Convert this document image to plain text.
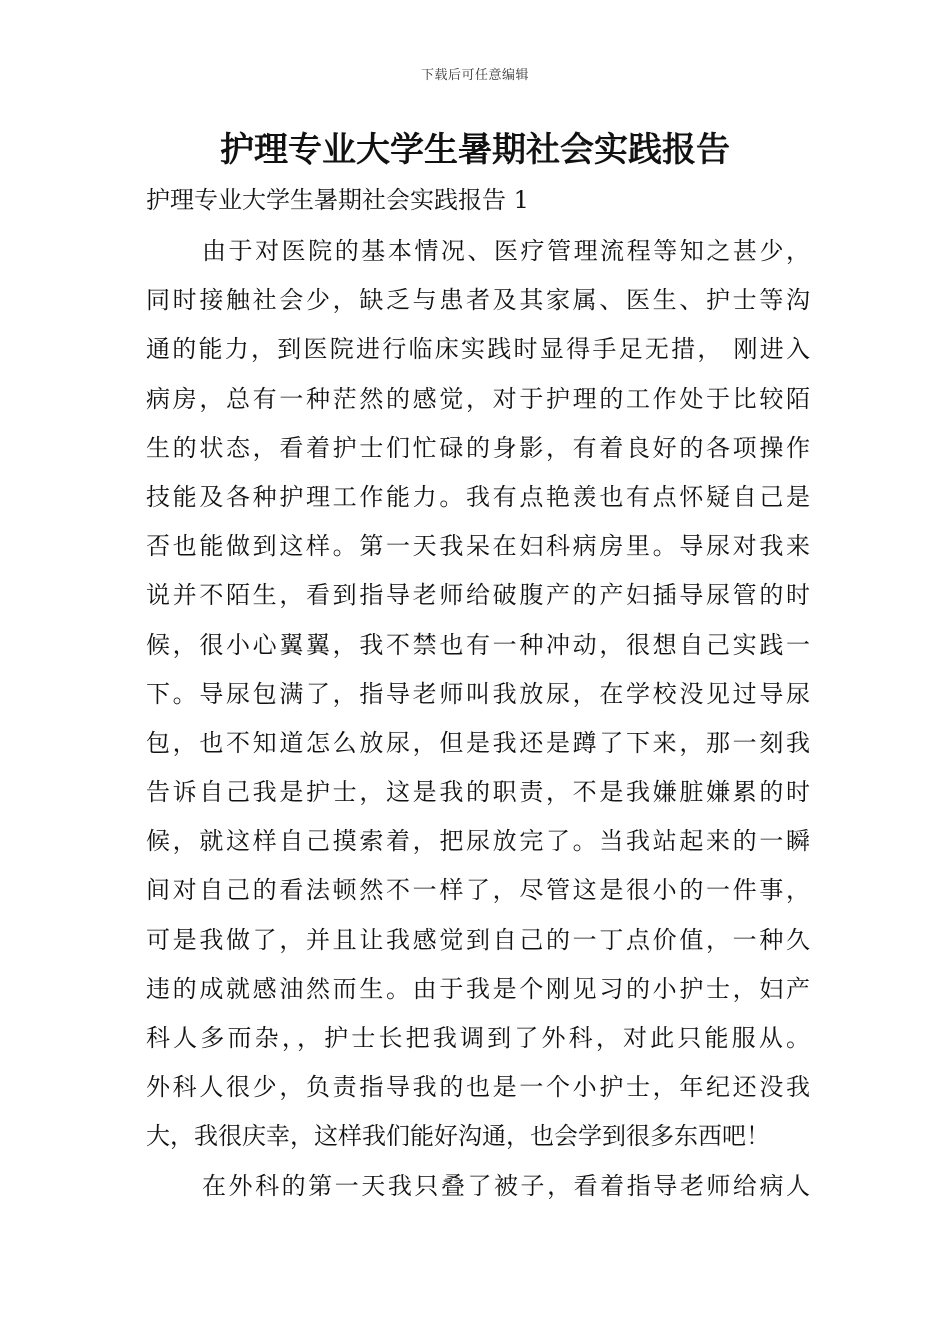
下载后可任意编辑
护理专业大学生暑期社会实践报告

护理专业大学生暑期社会实践报告 1

由于对医院的基本情况、医疗管理流程等知之甚少，
同时接触社会少，缺乏与患者及其家属、医生、护士等沟
通的能力，到医院进行临床实践时显得手足无措， 刚进入
病房，总有一种茫然的感觉，对于护理的工作处于比较陌
生的状态，看着护士们忙碌的身影，有着良好的各项操作
技能及各种护理工作能力。我有点艳羡也有点怀疑自己是
否也能做到这样。第一天我呆在妇科病房里。导尿对我来
说并不陌生，看到指导老师给破腹产的产妇插导尿管的时
候，很小心翼翼，我不禁也有一种冲动，很想自己实践一
下。导尿包满了，指导老师叫我放尿，在学校没见过导尿
包，也不知道怎么放尿，但是我还是蹲了下来，那一刻我
告诉自己我是护士，这是我的职责，不是我嫌脏嫌累的时
候，就这样自己摸索着，把尿放完了。当我站起来的一瞬
间对自己的看法顿然不一样了，尽管这是很小的一件事，
可是我做了，并且让我感觉到自己的一丁点价值，一种久
违的成就感油然而生。由于我是个刚见习的小护士，妇产
科人多而杂，，护士长把我调到了外科，对此只能服从。
外科人很少，负责指导我的也是一个小护士，年纪还没我
大，我很庆幸，这样我们能好沟通，也会学到很多东西吧！
在外科的第一天我只叠了被子，看着指导老师给病人
